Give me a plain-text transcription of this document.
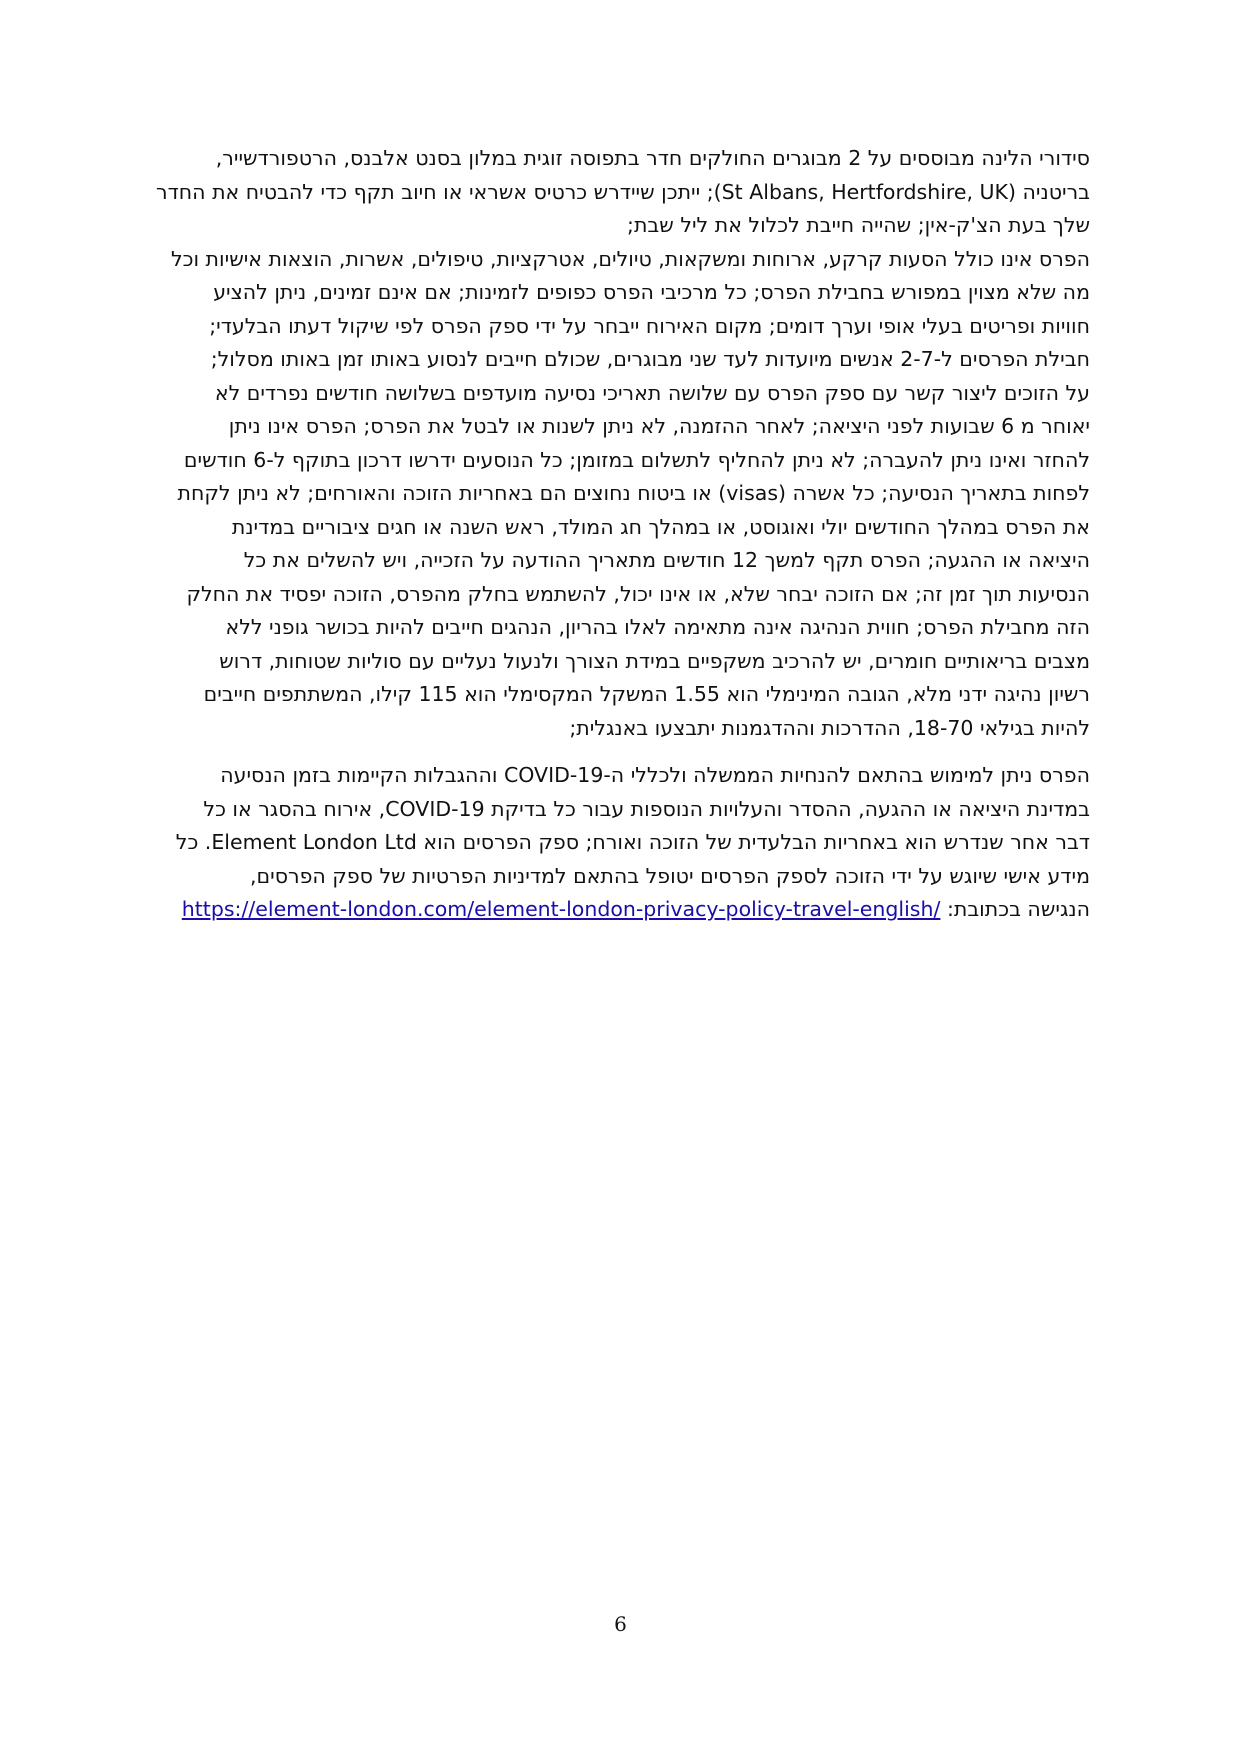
סידורי הלינה מבוססים על 2 מבוגרים החולקים חדר בתפוסה זוגית במלון בסנט אלבנס, הרטפורדשייר,
בריטניה (St Albans, Hertfordshire, UK); ייתכן שיידרש כרטיס אשראי או חיוב תקף כדי להבטיח את החדר
שלך בעת הצ'ק-אין; שהייה חייבת לכלול את ליל שבת;
הפרס אינו כולל הסעות קרקע, ארוחות ומשקאות, טיולים, אטרקציות, טיפולים, אשרות, הוצאות אישיות וכל
מה שלא מצוין במפורש בחבילת הפרס; כל מרכיבי הפרס כפופים לזמינות; אם אינם זמינים, ניתן להציע
חוויות ופריטים בעלי אופי וערך דומים; מקום האירוח ייבחר על ידי ספק הפרס לפי שיקול דעתו הבלעדי;
חבילת הפרסים ל-2-7 אנשים מיועדות לעד שני מבוגרים, שכולם חייבים לנסוע באותו זמן באותו מסלול;
על הזוכים ליצור קשר עם ספק הפרס עם שלושה תאריכי נסיעה מועדפים בשלושה חודשים נפרדים לא
יאוחר מ 6 שבועות לפני היציאה; לאחר ההזמנה, לא ניתן לשנות או לבטל את הפרס; הפרס אינו ניתן
להחזר ואינו ניתן להעברה; לא ניתן להחליף לתשלום במזומן; כל הנוסעים ידרשו דרכון בתוקף ל-6 חודשים
לפחות בתאריך הנסיעה; כל אשרה (visas) או ביטוח נחוצים הם באחריות הזוכה והאורחים; לא ניתן לקחת
את הפרס במהלך החודשים יולי ואוגוסט, או במהלך חג המולד, ראש השנה או חגים ציבוריים במדינת
היציאה או ההגעה; הפרס תקף למשך 12 חודשים מתאריך ההודעה על הזכייה, ויש להשלים את כל
הנסיעות תוך זמן זה; אם הזוכה יבחר שלא, או אינו יכול, להשתמש בחלק מהפרס, הזוכה יפסיד את החלק
הזה מחבילת הפרס; חווית הנהיגה אינה מתאימה לאלו בהריון, הנהגים חייבים להיות בכושר גופני ללא
מצבים בריאותיים חומרים, יש להרכיב משקפיים במידת הצורך ולנעול נעליים עם סוליות שטוחות, דרוש
רשיון נהיגה ידני מלא, הגובה המינימלי הוא 1.55 המשקל המקסימלי הוא 115 קילו, המשתתפים חייבים
להיות בגילאי 18-70, ההדרכות וההדגמנות יתבצעו באנגלית;
הפרס ניתן למימוש בהתאם להנחיות הממשלה ולכללי ה-COVID-19 וההגבלות הקיימות בזמן הנסיעה
במדינת היציאה או ההגעה, ההסדר והעלויות הנוספות עבור כל בדיקת COVID-19, אירוח בהסגר או כל
דבר אחר שנדרש הוא באחריות הבלעדית של הזוכה ואורח; ספק הפרסים הוא Element London Ltd. כל
מידע אישי שיוגש על ידי הזוכה לספק הפרסים יטופל בהתאם למדיניות הפרטיות של ספק הפרסים,
הנגישה בכתובת: https://element-london.com/element-london-privacy-policy-travel-english/
6
